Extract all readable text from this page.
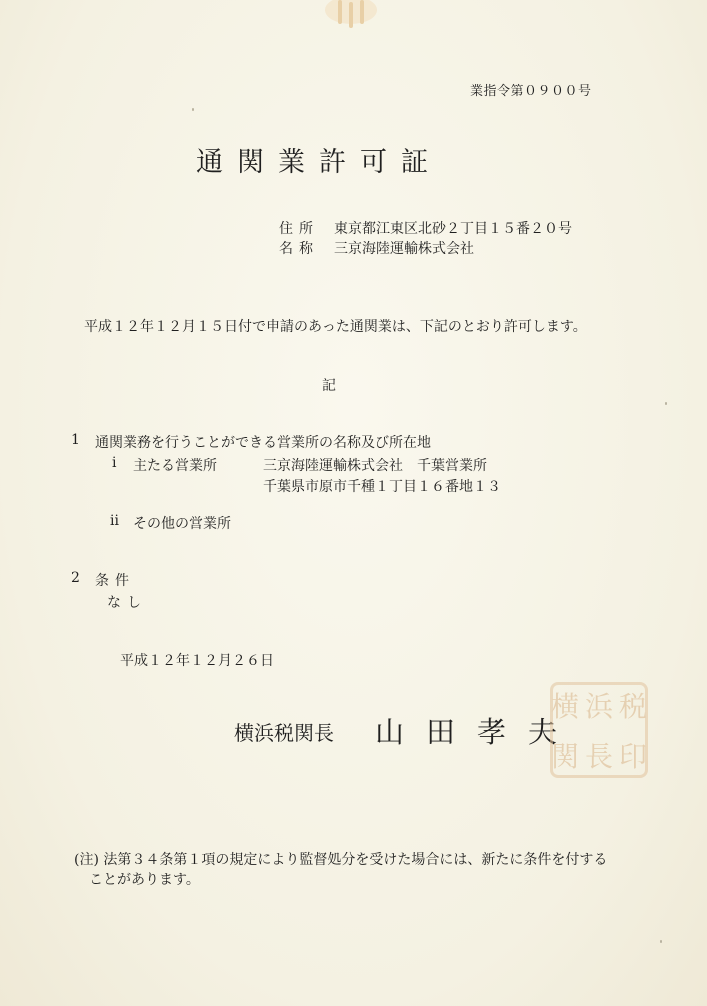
業指令第０９００号
通関業許可証
住所 東京都江東区北砂２丁目１５番２０号
名称 三京海陸運輸株式会社
平成１２年１２月１５日付で申請のあった通関業は、下記のとおり許可します。
記
1 通関業務を行うことができる営業所の名称及び所在地
i 主たる営業所	三京海陸運輸株式会社　千葉営業所
千葉県市原市千種１丁目１６番地１３
ii その他の営業所
2 条件
なし
平成１２年１２月２６日
横浜税関長 山田孝夫
横 浜 税
関 長 印
(注) 法第３４条第１項の規定により監督処分を受けた場合には、新たに条件を付する
ことがあります。
